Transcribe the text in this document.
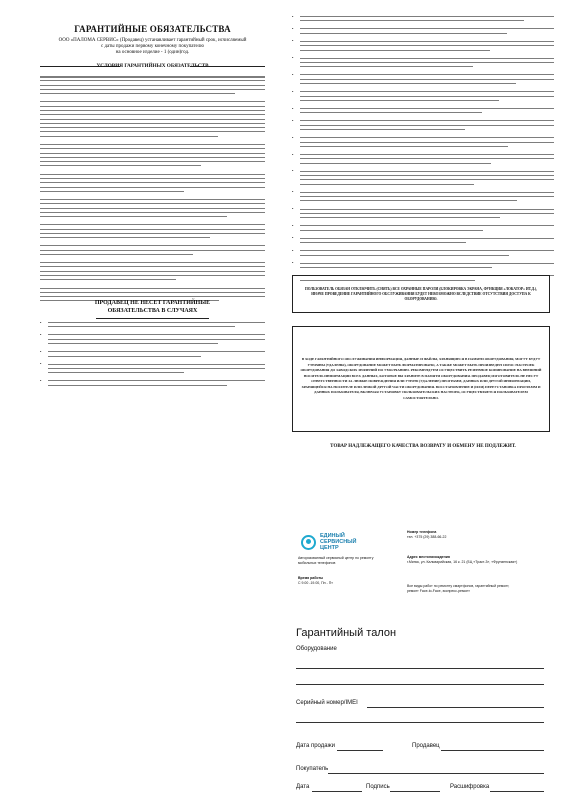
ГАРАНТИЙНЫЕ ОБЯЗАТЕЛЬСТВА
ООО «ПАЛОМА СЕРВИС» (Продавец) устанавливает гарантийный срок, исчисляемый
с даты продажи первому конечному покупателю
на основное изделие - 1 (один)год.
УСЛОВИЯ ГАРАНТИЙНЫХ ОБЯЗАТЕЛЬСТВ
ПРОДАВЕЦ НЕ НЕСЕТ ГАРАНТИЙНЫЕ
ОБЯЗАТЕЛЬСТВА В СЛУЧАЯХ
•
•
•
•
•
•
•
•
•
•
•
•
•
•
•
•
•
•
•
•
•
•
•
ПОЛЬЗОВАТЕЛЬ ОБЯЗАН ОТКЛЮЧИТЬ (СНЯТЬ) ВСЕ ОХРАННЫЕ ПАРОЛИ (БЛОКИРОВКА ЭКРАНА, ФУНКЦИЯ «ЛОКАТОР» ИТ.Д.), ИНАЧЕ ПРОВЕДЕНИЕ ГАРАНТИЙНОГО ОБСЛУЖИВАНИЯ БУДЕТ НЕВОЗМОЖНО ВСЛЕДСТВИЕ ОТСУТСТВИЯ ДОСТУПА К ОБОРУДОВАНИЮ.
В ХОДЕ ГАРАНТИЙНОГО ОБСЛУЖИВАНИЯ ИНФОРМАЦИЯ, ДАННЫЕ И ФАЙЛЫ, ХРАНЯЩИЕСЯ В ПАМЯТИ ОБОРУДОВАНИЯ, МОГУТ БУДУТ УТЕРЯНЫ (УДАЛЕНЫ), ОБОРУДОВАНИЕ МОЖЕТ БЫТЬ ФОРМАТИРОВАНО, А ТАКЖЕ МОЖЕТ БЫТЬ ПРОИЗВЕДЕН СБРОС НАСТРОЕК ОБОРУДОВАНИЯ ДО ЗАВОДСКИХ ЗНАЧЕНИЙ ПО УМОЛЧАНИЮ. РЕКОМЕНДУЕМ ОСУЩЕСТВИТЬ РЕЗЕРВНОЕ КОПИРОВАНИЕ НА ВНЕШНИЙ НОСИТЕЛЬ ИНФОРМАЦИИ ВСЕХ ДАННЫХ, КОТОРЫЕ ВЫ ХРАНИТЕ В ПАМЯТИ ОБОРУДОВАНИЯ. ПРОДАВЕЦ ИЗГОТОВИТЕЛЬ НЕ НЕСУТ ОТВЕТСТВЕННОСТИ ЗА ЛЮБЫЕ ПОВРЕЖДЕНИЯ ИЛИ УТЕРЮ (УДАЛЕНИЕ) ПРОГРАММ, ДАННЫХ ИЛИ ДРУГОЙ ИНФОРМАЦИИ, ХРАНЯЩЕЙСЯ НА НОСИТЕЛЕ ИЛИ ЛЮБОЙ ДРУГОЙ ЧАСТИ ОБОРУДОВАНИЯ. ВОССТАНОВЛЕНИЕ И (ИЛИ) ПЕРЕУСТАНОВКА ПРОГРАММ И ДАННЫХ ПОЛЬЗОВАТЕЛЯ, ВКЛЮЧАЯ УСТАНОВКУ ПОЛЬЗОВАТЕЛЬСКИХ НАСТРОЕК, ОСУЩЕСТВЛЯЕТСЯ ПОЛЬЗОВАТЕЛЕМ САМОСТОЯТЕЛЬНО.
ТОВАР НАДЛЕЖАЩЕГО КАЧЕСТВА ВОЗВРАТУ И ОБМЕНУ НЕ ПОДЛЕЖИТ.
ЕДИНЫЙ
СЕРВИСНЫЙ
ЦЕНТР
Авторизованный сервисный центр по ремонту мобильных телефонов
Время работы
С 9.00 -19.00, Пн - Пт
Номер телефона
тел. +375 (29) 388-66-22
Адрес местонахождения
г.Минск, ул. Кальварийская, 16 к. 21 (БЦ «Тракт-3», «Фрунзенская»)
Все виды работ по ремонту смартфонов, гарантийный ремонт, ремонт Face-to-Face, экспресс-ремонт
Гарантийный талон
Оборудование
Серийный номер/IMEI
Дата продажи	Продавец
Покупатель
Дата	Подпись	Расшифровка
